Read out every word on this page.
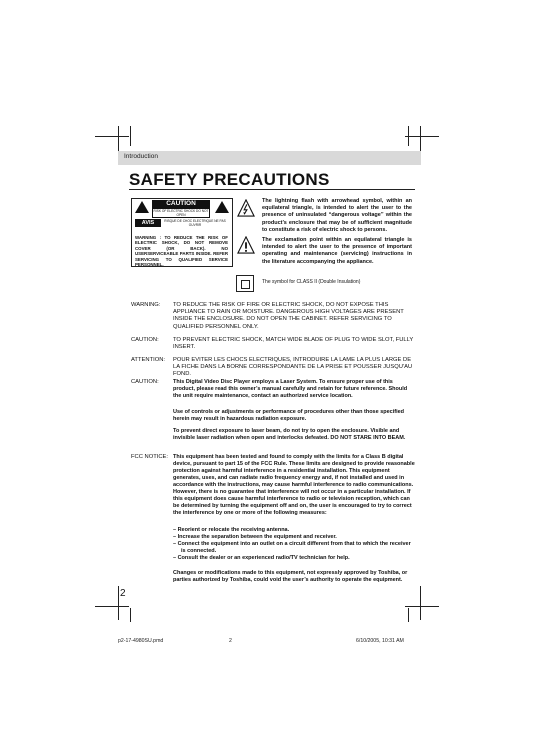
Introduction
SAFETY PRECAUTIONS
CAUTION
RISK OF ELECTRIC SHOCK DO NOT OPEN
AVIS	RISQUE DE CHOC ELECTRIQUE NE PAS OUVRIR
WARNING : TO REDUCE THE RISK OF ELECTRIC SHOCK, DO NOT REMOVE COVER (OR BACK). NO USERSERVICEABLE PARTS INSIDE. REFER SERVICING TO QUALIFIED SERVICE PERSONNEL.
The lightning flash with arrowhead symbol, within an equilateral triangle, is intended to alert the user to the presence of uninsulated “dangerous voltage” within the product’s enclosure that may be of sufficient magnitude to constitute a risk of electric shock to persons.
The exclamation point within an equilateral triangle is intended to alert the user to the presence of important operating and maintenance (servicing) instructions in the literature accompanying the appliance.
The symbol for CLASS II (Double Insulation)
WARNING: TO REDUCE THE RISK OF FIRE OR ELECTRIC SHOCK, DO NOT EXPOSE THIS APPLIANCE TO RAIN OR MOISTURE. DANGEROUS HIGH VOLTAGES ARE PRESENT INSIDE THE ENCLOSURE. DO NOT OPEN THE CABINET. REFER SERVICING TO QUALIFIED PERSONNEL ONLY.
CAUTION: TO PREVENT ELECTRIC SHOCK, MATCH WIDE BLADE OF PLUG TO WIDE SLOT, FULLY INSERT.
ATTENTION: POUR EVITER LES CHOCS ELECTRIQUES, INTRODUIRE LA LAME LA PLUS LARGE DE LA FICHE DANS LA BORNE CORRESPONDANTE DE LA PRISE ET POUSSER JUSQU’AU FOND.
CAUTION:	This Digital Video Disc Player employs a Laser System. To ensure proper use of this product, please read this owner’s manual carefully and retain for future reference. Should the unit require maintenance, contact an authorized service location.
Use of controls or adjustments or performance of procedures other than those specified herein may result in hazardous radiation exposure.
To prevent direct exposure to laser beam, do not try to open the enclosure. Visible and invisible laser radiation when open and interlocks defeated. DO NOT STARE INTO BEAM.
FCC NOTICE: This equipment has been tested and found to comply with the limits for a Class B digital device, pursuant to part 15 of the FCC Rule. These limits are designed to provide reasonable protection against harmful interference in a residential installation. This equipment generates, uses, and can radiate radio frequency energy and, if not installed and used in accordance with the instructions, may cause harmful interference to radio communications. However, there is no guarantee that interference will not occur in a particular installation. If this equipment does cause harmful interference to radio or television reception, which can be determined by turning the equipment off and on, the user is encouraged to try to correct the interference by one or more of the following measures:
– Reorient or relocate the receiving antenna.
– Increase the separation between the equipment and receiver.
– Connect the equipment into an outlet on a circuit different from that to which the receiver is connected.
– Consult the dealer or an experienced radio/TV technician for help.
Changes or modifications made to this equipment, not expressly approved by Toshiba, or parties authorized by Toshiba, could void the user’s authority to operate the equipment.
2
p2-17-4980SU.pmd	2	6/10/2005, 10:31 AM
